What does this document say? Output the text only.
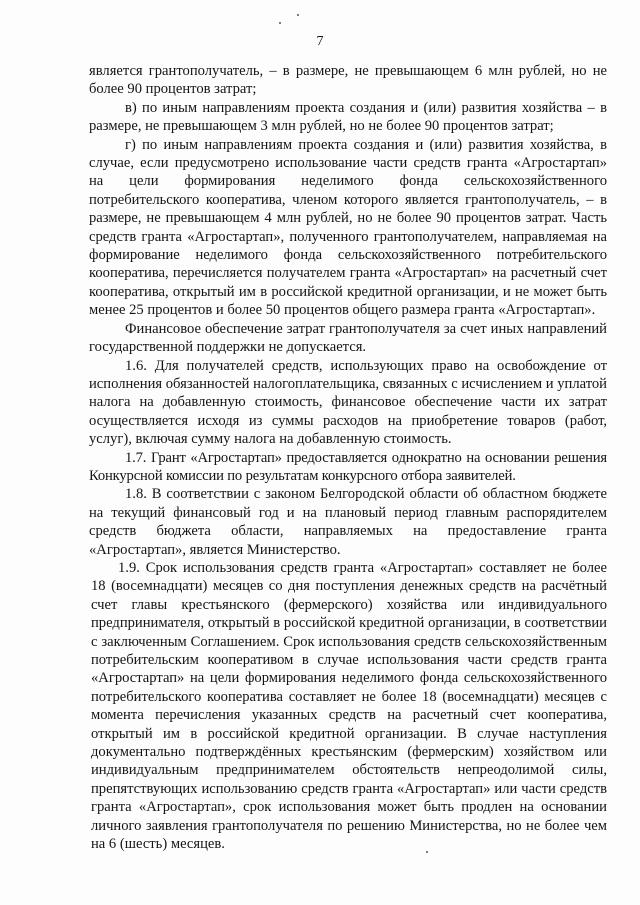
7

является грантополучатель, – в размере, не превышающем 6 млн рублей, но не более 90 процентов затрат;

в) по иным направлениям проекта создания и (или) развития хозяйства – в размере, не превышающем 3 млн рублей, но не более 90 процентов затрат;

г) по иным направлениям проекта создания и (или) развития хозяйства, в случае, если предусмотрено использование части средств гранта «Агростартап» на цели формирования неделимого фонда сельскохозяйственного потребительского кооператива, членом которого является грантополучатель, – в размере, не превышающем 4 млн рублей, но не более 90 процентов затрат. Часть средств гранта «Агростартап», полученного грантополучателем, направляемая на формирование неделимого фонда сельскохозяйственного потребительского кооператива, перечисляется получателем гранта «Агростартап» на расчетный счет кооператива, открытый им в российской кредитной организации, и не может быть менее 25 процентов и более 50 процентов общего размера гранта «Агростартап».

Финансовое обеспечение затрат грантополучателя за счет иных направлений государственной поддержки не допускается.

1.6. Для получателей средств, использующих право на освобождение от исполнения обязанностей налогоплательщика, связанных с исчислением и уплатой налога на добавленную стоимость, финансовое обеспечение части их затрат осуществляется исходя из суммы расходов на приобретение товаров (работ, услуг), включая сумму налога на добавленную стоимость.

1.7. Грант «Агростартап» предоставляется однократно на основании решения Конкурсной комиссии по результатам конкурсного отбора заявителей.

1.8. В соответствии с законом Белгородской области об областном бюджете на текущий финансовый год и на плановый период главным распорядителем средств бюджета области, направляемых на предоставление гранта «Агростартап», является Министерство.

1.9. Срок использования средств гранта «Агростартап» составляет не более 18 (восемнадцати) месяцев со дня поступления денежных средств на расчётный счет главы крестьянского (фермерского) хозяйства или индивидуального предпринимателя, открытый в российской кредитной организации, в соответствии с заключенным Соглашением. Срок использования средств сельскохозяйственным потребительским кооперативом в случае использования части средств гранта «Агростартап» на цели формирования неделимого фонда сельскохозяйственного потребительского кооператива составляет не более 18 (восемнадцати) месяцев с момента перечисления указанных средств на расчетный счет кооператива, открытый им в российской кредитной организации. В случае наступления документально подтверждённых крестьянским (фермерским) хозяйством или индивидуальным предпринимателем обстоятельств непреодолимой силы, препятствующих использованию средств гранта «Агростартап» или части средств гранта «Агростартап», срок использования может быть продлен на основании личного заявления грантополучателя по решению Министерства, но не более чем на 6 (шесть) месяцев.
